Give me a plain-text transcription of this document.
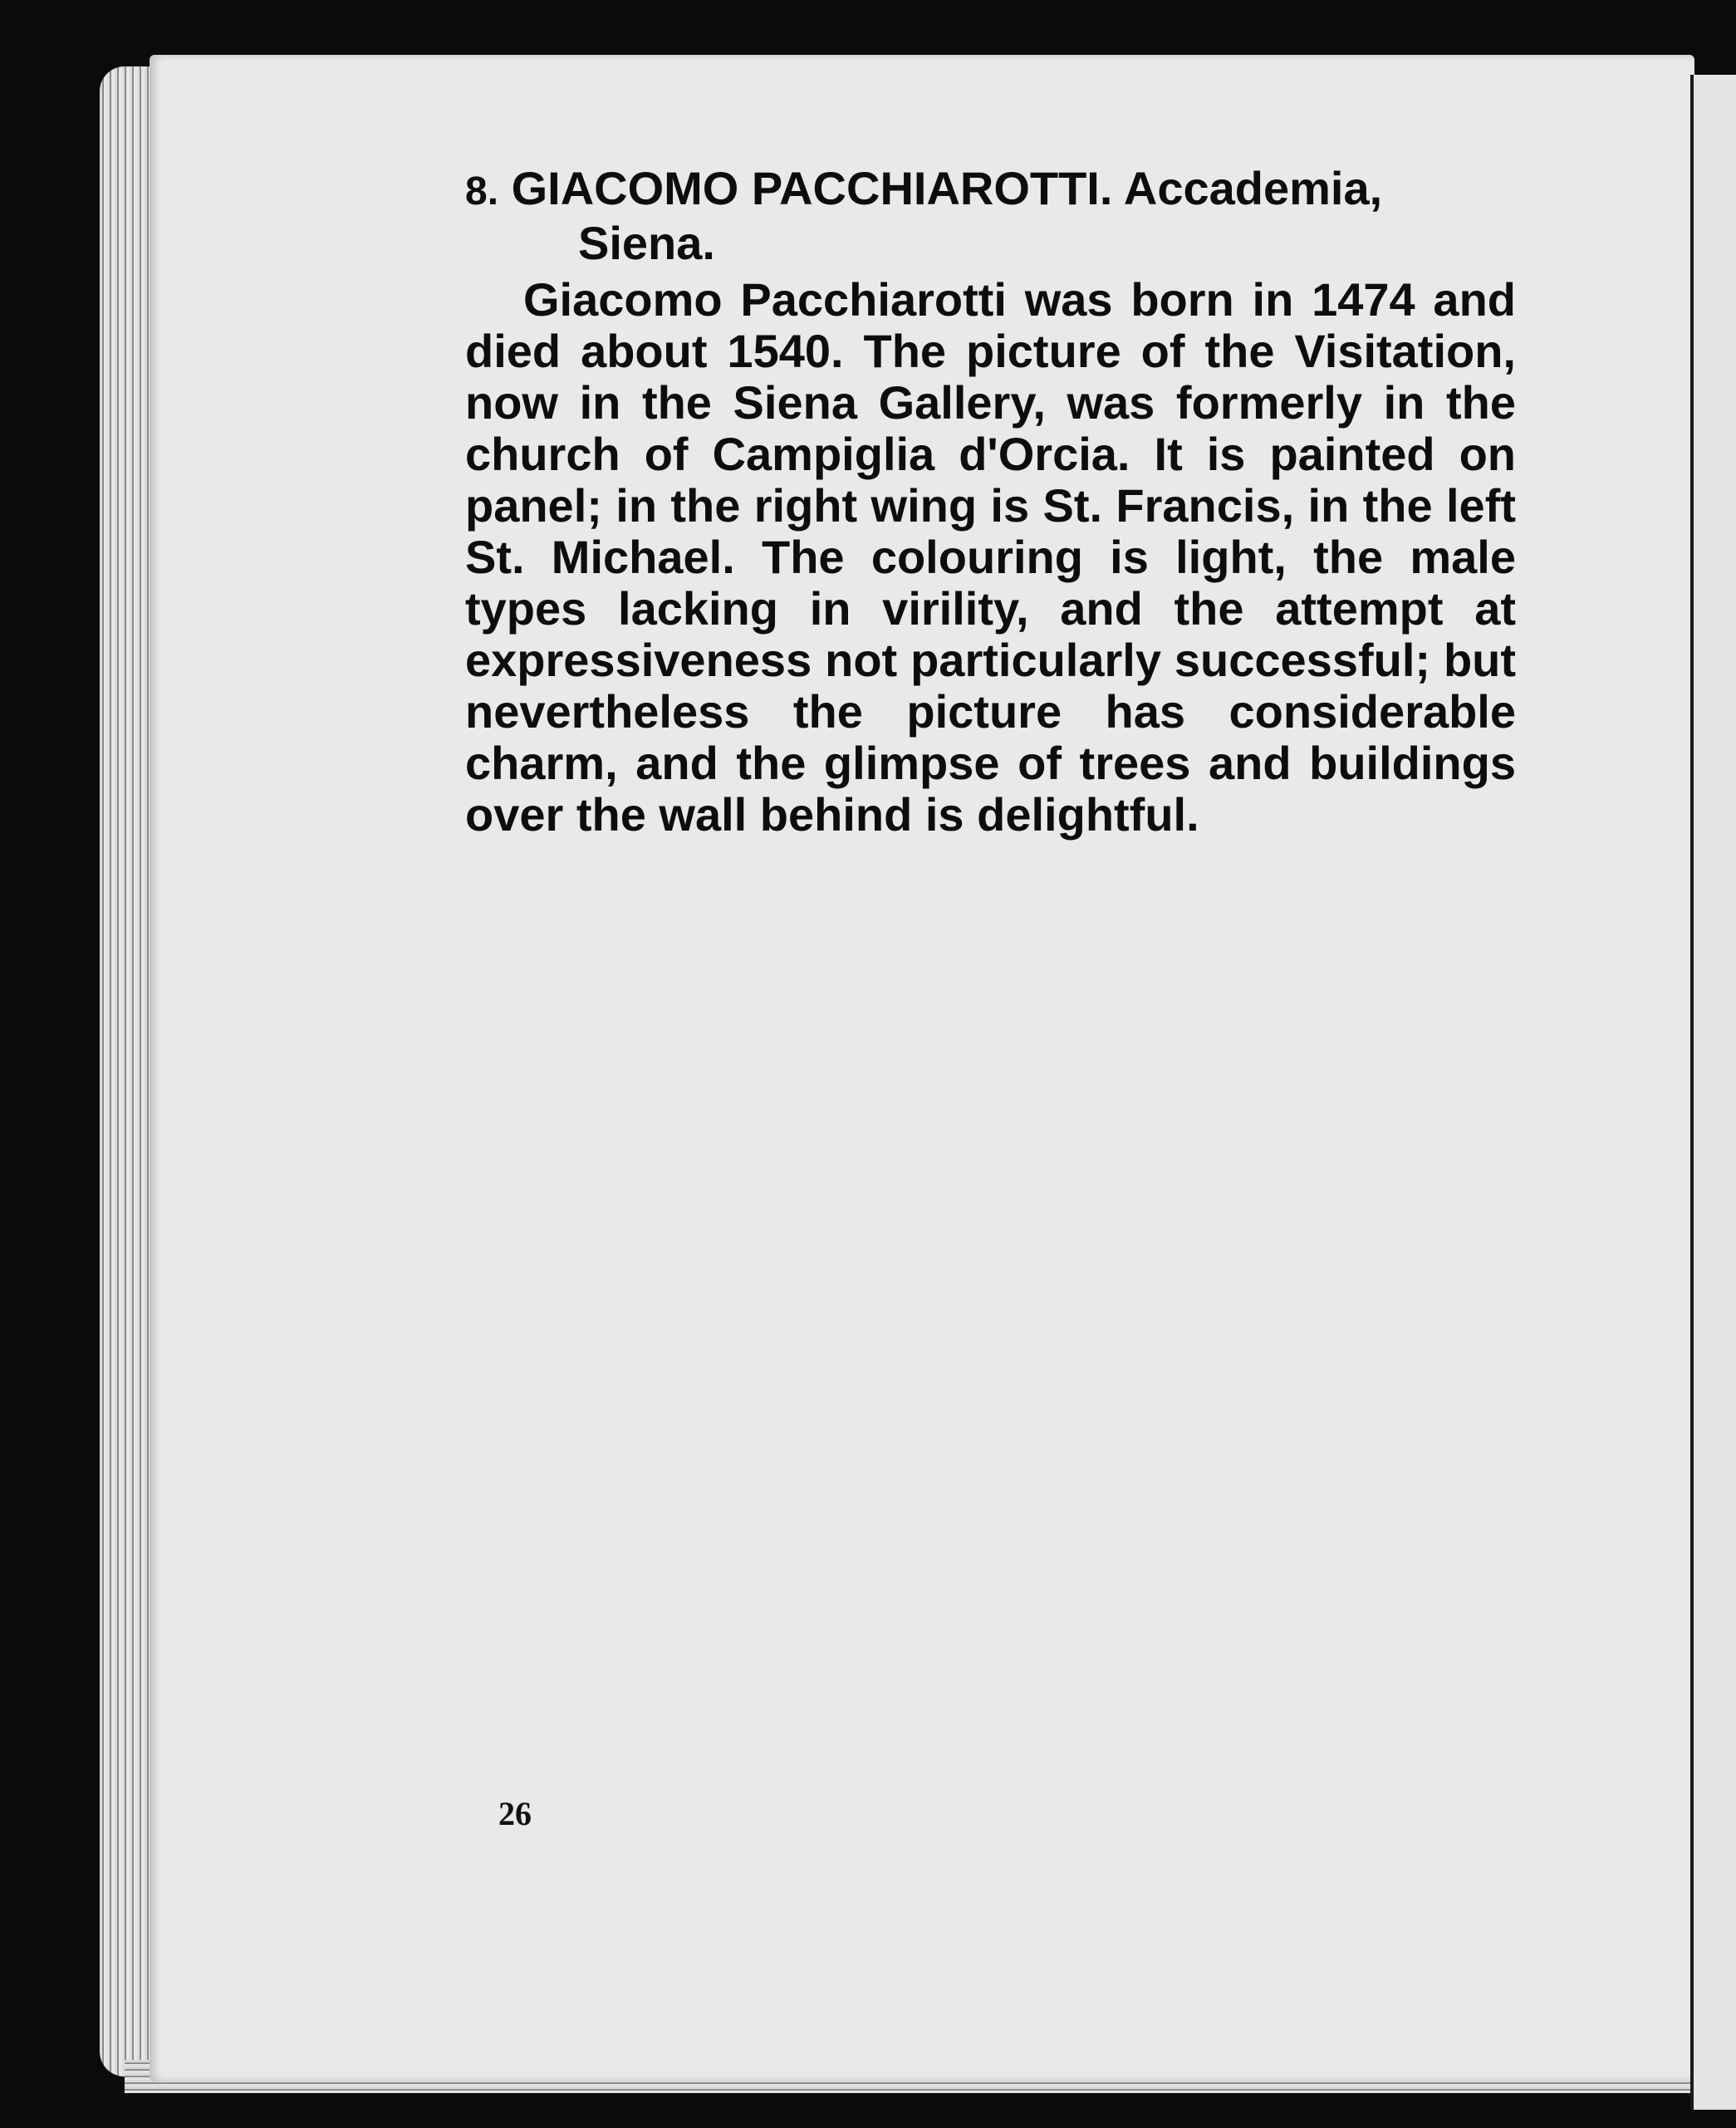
8. GIACOMO PACCHIAROTTI. Accademia,
Siena.

Giacomo Pacchiarotti was born in 1474 and died about 1540. The picture of the Visitation, now in the Siena Gallery, was formerly in the church of Campiglia d'Orcia. It is painted on panel; in the right wing is St. Francis, in the left St. Michael. The colouring is light, the male types lacking in virility, and the attempt at expressiveness not particularly successful; but nevertheless the picture has considerable charm, and the glimpse of trees and buildings over the wall behind is delightful.

26
